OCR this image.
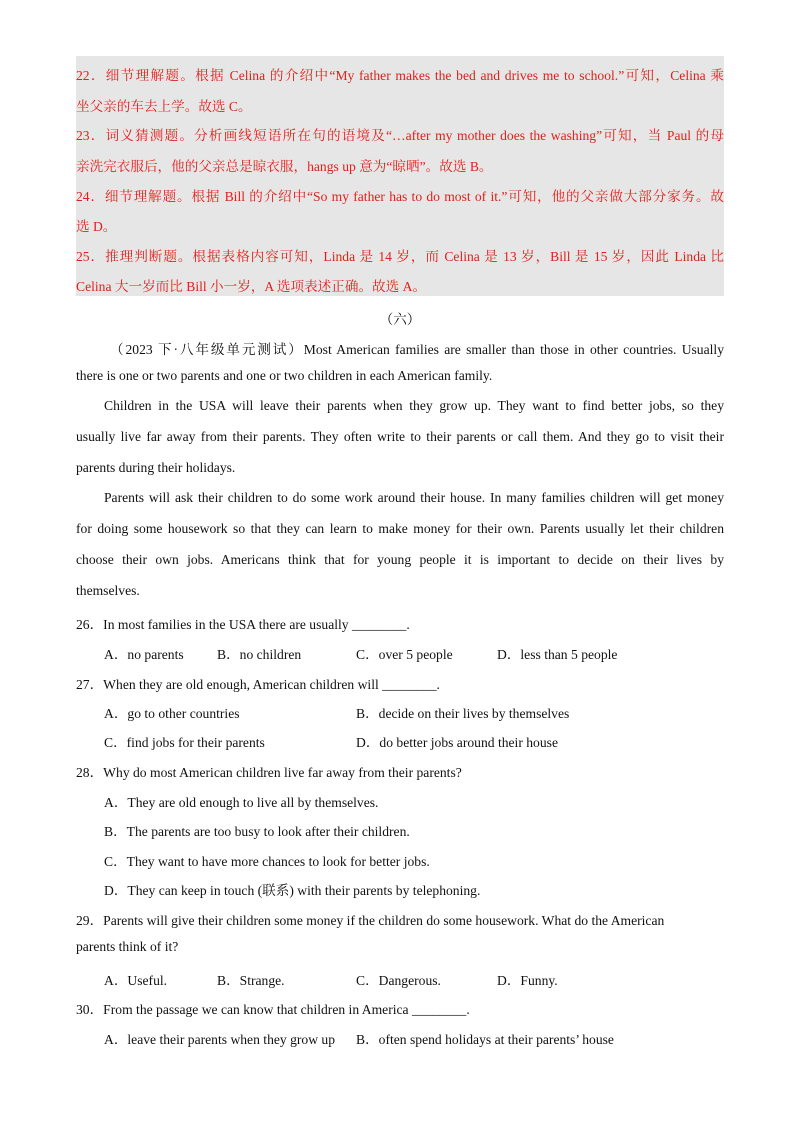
22．细节理解题。根据 Celina 的介绍中“My father makes the bed and drives me to school.”可知，Celina 乘
坐父亲的车去上学。故选 C。
23．词义猜测题。分析画线短语所在句的语境及“…after my mother does the washing”可知，当 Paul 的母
亲洗完衣服后，他的父亲总是晾衣服，hangs up 意为“晾晒”。故选 B。
24．细节理解题。根据 Bill 的介绍中“So my father has to do most of it.”可知，他的父亲做大部分家务。故
选 D。
25．推理判断题。根据表格内容可知，Linda 是 14 岁，而 Celina 是 13 岁，Bill 是 15 岁，因此 Linda 比
Celina 大一岁而比 Bill 小一岁，A 选项表述正确。故选 A。
（六）
（2023 下·八年级单元测试）Most American families are smaller than those in other countries. Usually
there is one or two parents and one or two children in each American family.
Children in the USA will leave their parents when they grow up. They want to find better jobs, so they
usually live far away from their parents. They often write to their parents or call them. And they go to visit their
parents during their holidays.
Parents will ask their children to do some work around their house. In many families children will get money
for doing some housework so that they can learn to make money for their own. Parents usually let their children
choose their own jobs. Americans think that for young people it is important to decide on their lives by
themselves.
26．In most families in the USA there are usually ________.
A．no parents B．no children	C．over 5 people	D．less than 5 people
27．When they are old enough, American children will ________.
A．go to other countries	B．decide on their lives by themselves
C．find jobs for their parents	D．do better jobs around their house
28．Why do most American children live far away from their parents?
A．They are old enough to live all by themselves.
B．The parents are too busy to look after their children.
C．They want to have more chances to look for better jobs.
D．They can keep in touch (联系) with their parents by telephoning.
29．Parents will give their children some money if the children do some housework. What do the American
parents think of it?
A．Useful.	B．Strange.	C．Dangerous.	D．Funny.
30．From the passage we can know that children in America ________.
A．leave their parents when they grow up B．often spend holidays at their parents’ house
